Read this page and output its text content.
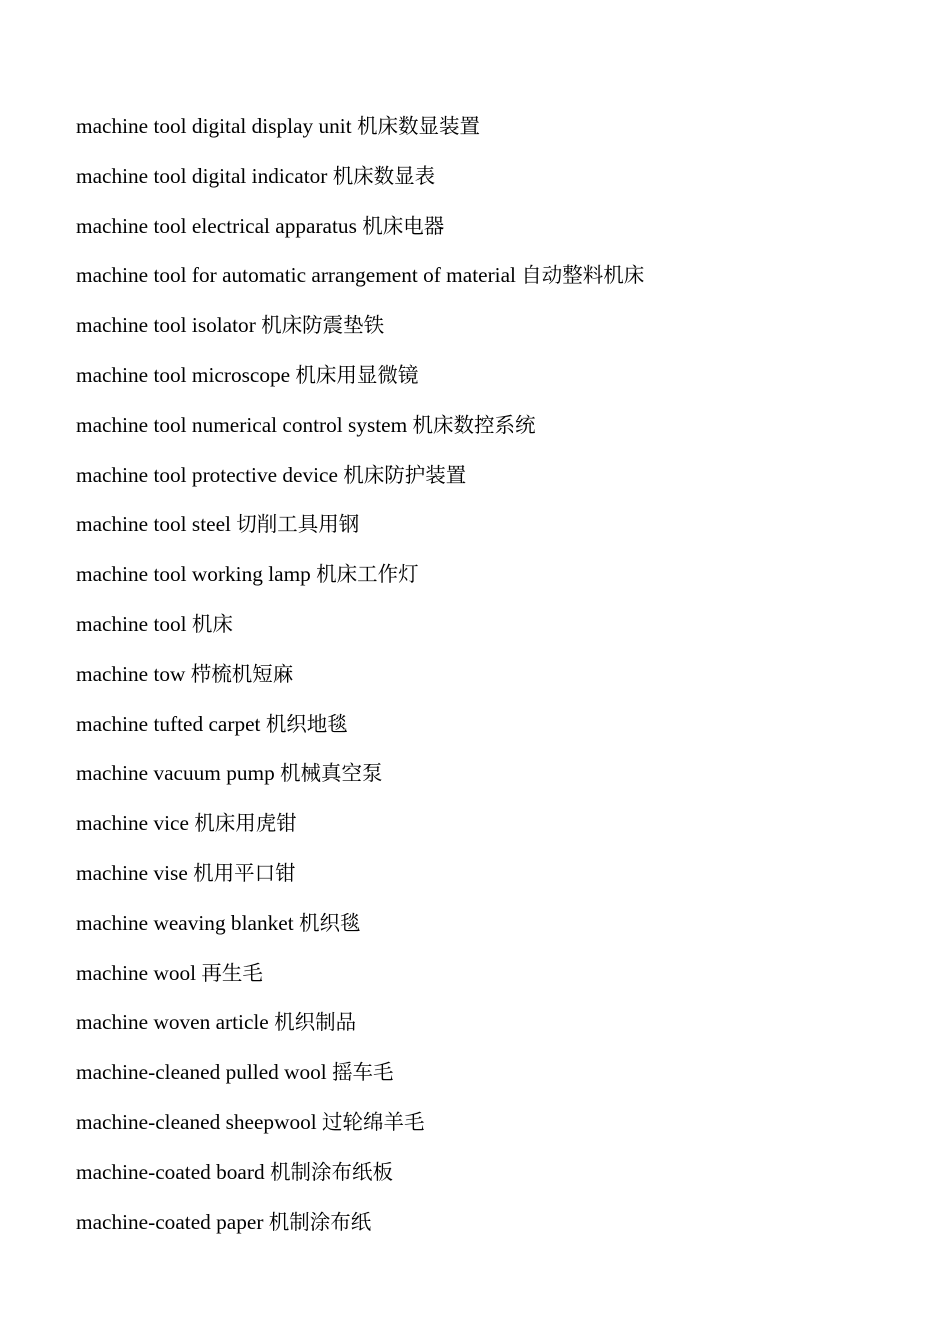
machine tool digital display unit 机床数显装置
machine tool digital indicator 机床数显表
machine tool electrical apparatus 机床电器
machine tool for automatic arrangement of material 自动整料机床
machine tool isolator 机床防震垫铁
machine tool microscope 机床用显微镜
machine tool numerical control system 机床数控系统
machine tool protective device 机床防护装置
machine tool steel 切削工具用钢
machine tool working lamp 机床工作灯
machine tool 机床
machine tow 栉梳机短麻
machine tufted carpet 机织地毯
machine vacuum pump 机械真空泵
machine vice 机床用虎钳
machine vise 机用平口钳
machine weaving blanket 机织毯
machine wool 再生毛
machine woven article 机织制品
machine-cleaned pulled wool 摇车毛
machine-cleaned sheepwool 过轮绵羊毛
machine-coated board 机制涂布纸板
machine-coated paper 机制涂布纸
